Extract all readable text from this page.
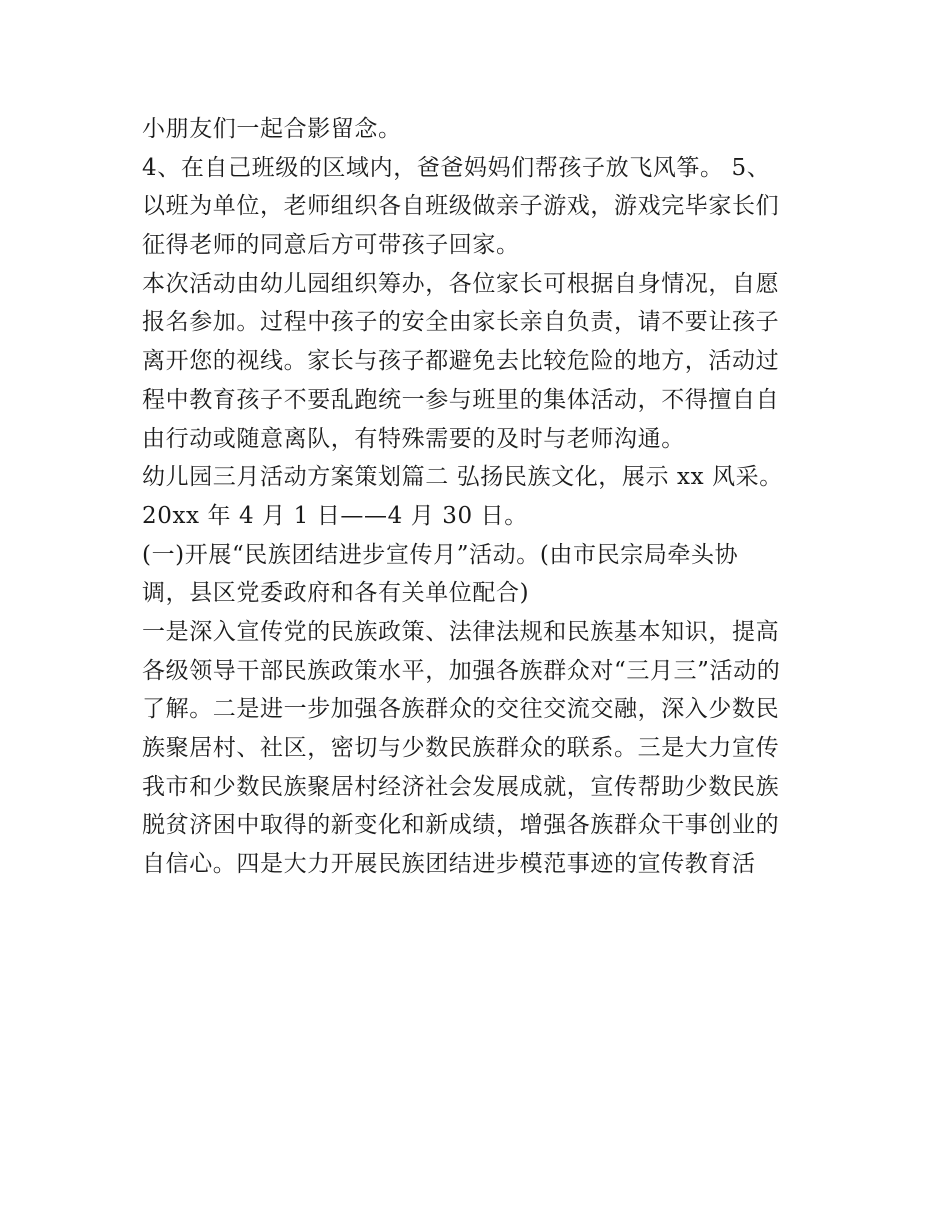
小朋友们一起合影留念。
4、在自己班级的区域内，爸爸妈妈们帮孩子放飞风筝。 5、
以班为单位，老师组织各自班级做亲子游戏，游戏完毕家长们
征得老师的同意后方可带孩子回家。
本次活动由幼儿园组织筹办，各位家长可根据自身情况，自愿
报名参加。过程中孩子的安全由家长亲自负责，请不要让孩子
离开您的视线。家长与孩子都避免去比较危险的地方，活动过
程中教育孩子不要乱跑统一参与班里的集体活动，不得擅自自
由行动或随意离队，有特殊需要的及时与老师沟通。
幼儿园三月活动方案策划篇二 弘扬民族文化，展示 xx 风采。
20xx 年 4 月 1 日——4 月 30 日。
(一)开展“民族团结进步宣传月”活动。(由市民宗局牵头协
调，县区党委政府和各有关单位配合)
一是深入宣传党的民族政策、法律法规和民族基本知识，提高
各级领导干部民族政策水平，加强各族群众对“三月三”活动的
了解。二是进一步加强各族群众的交往交流交融，深入少数民
族聚居村、社区，密切与少数民族群众的联系。三是大力宣传
我市和少数民族聚居村经济社会发展成就，宣传帮助少数民族
脱贫济困中取得的新变化和新成绩，增强各族群众干事创业的
自信心。四是大力开展民族团结进步模范事迹的宣传教育活
